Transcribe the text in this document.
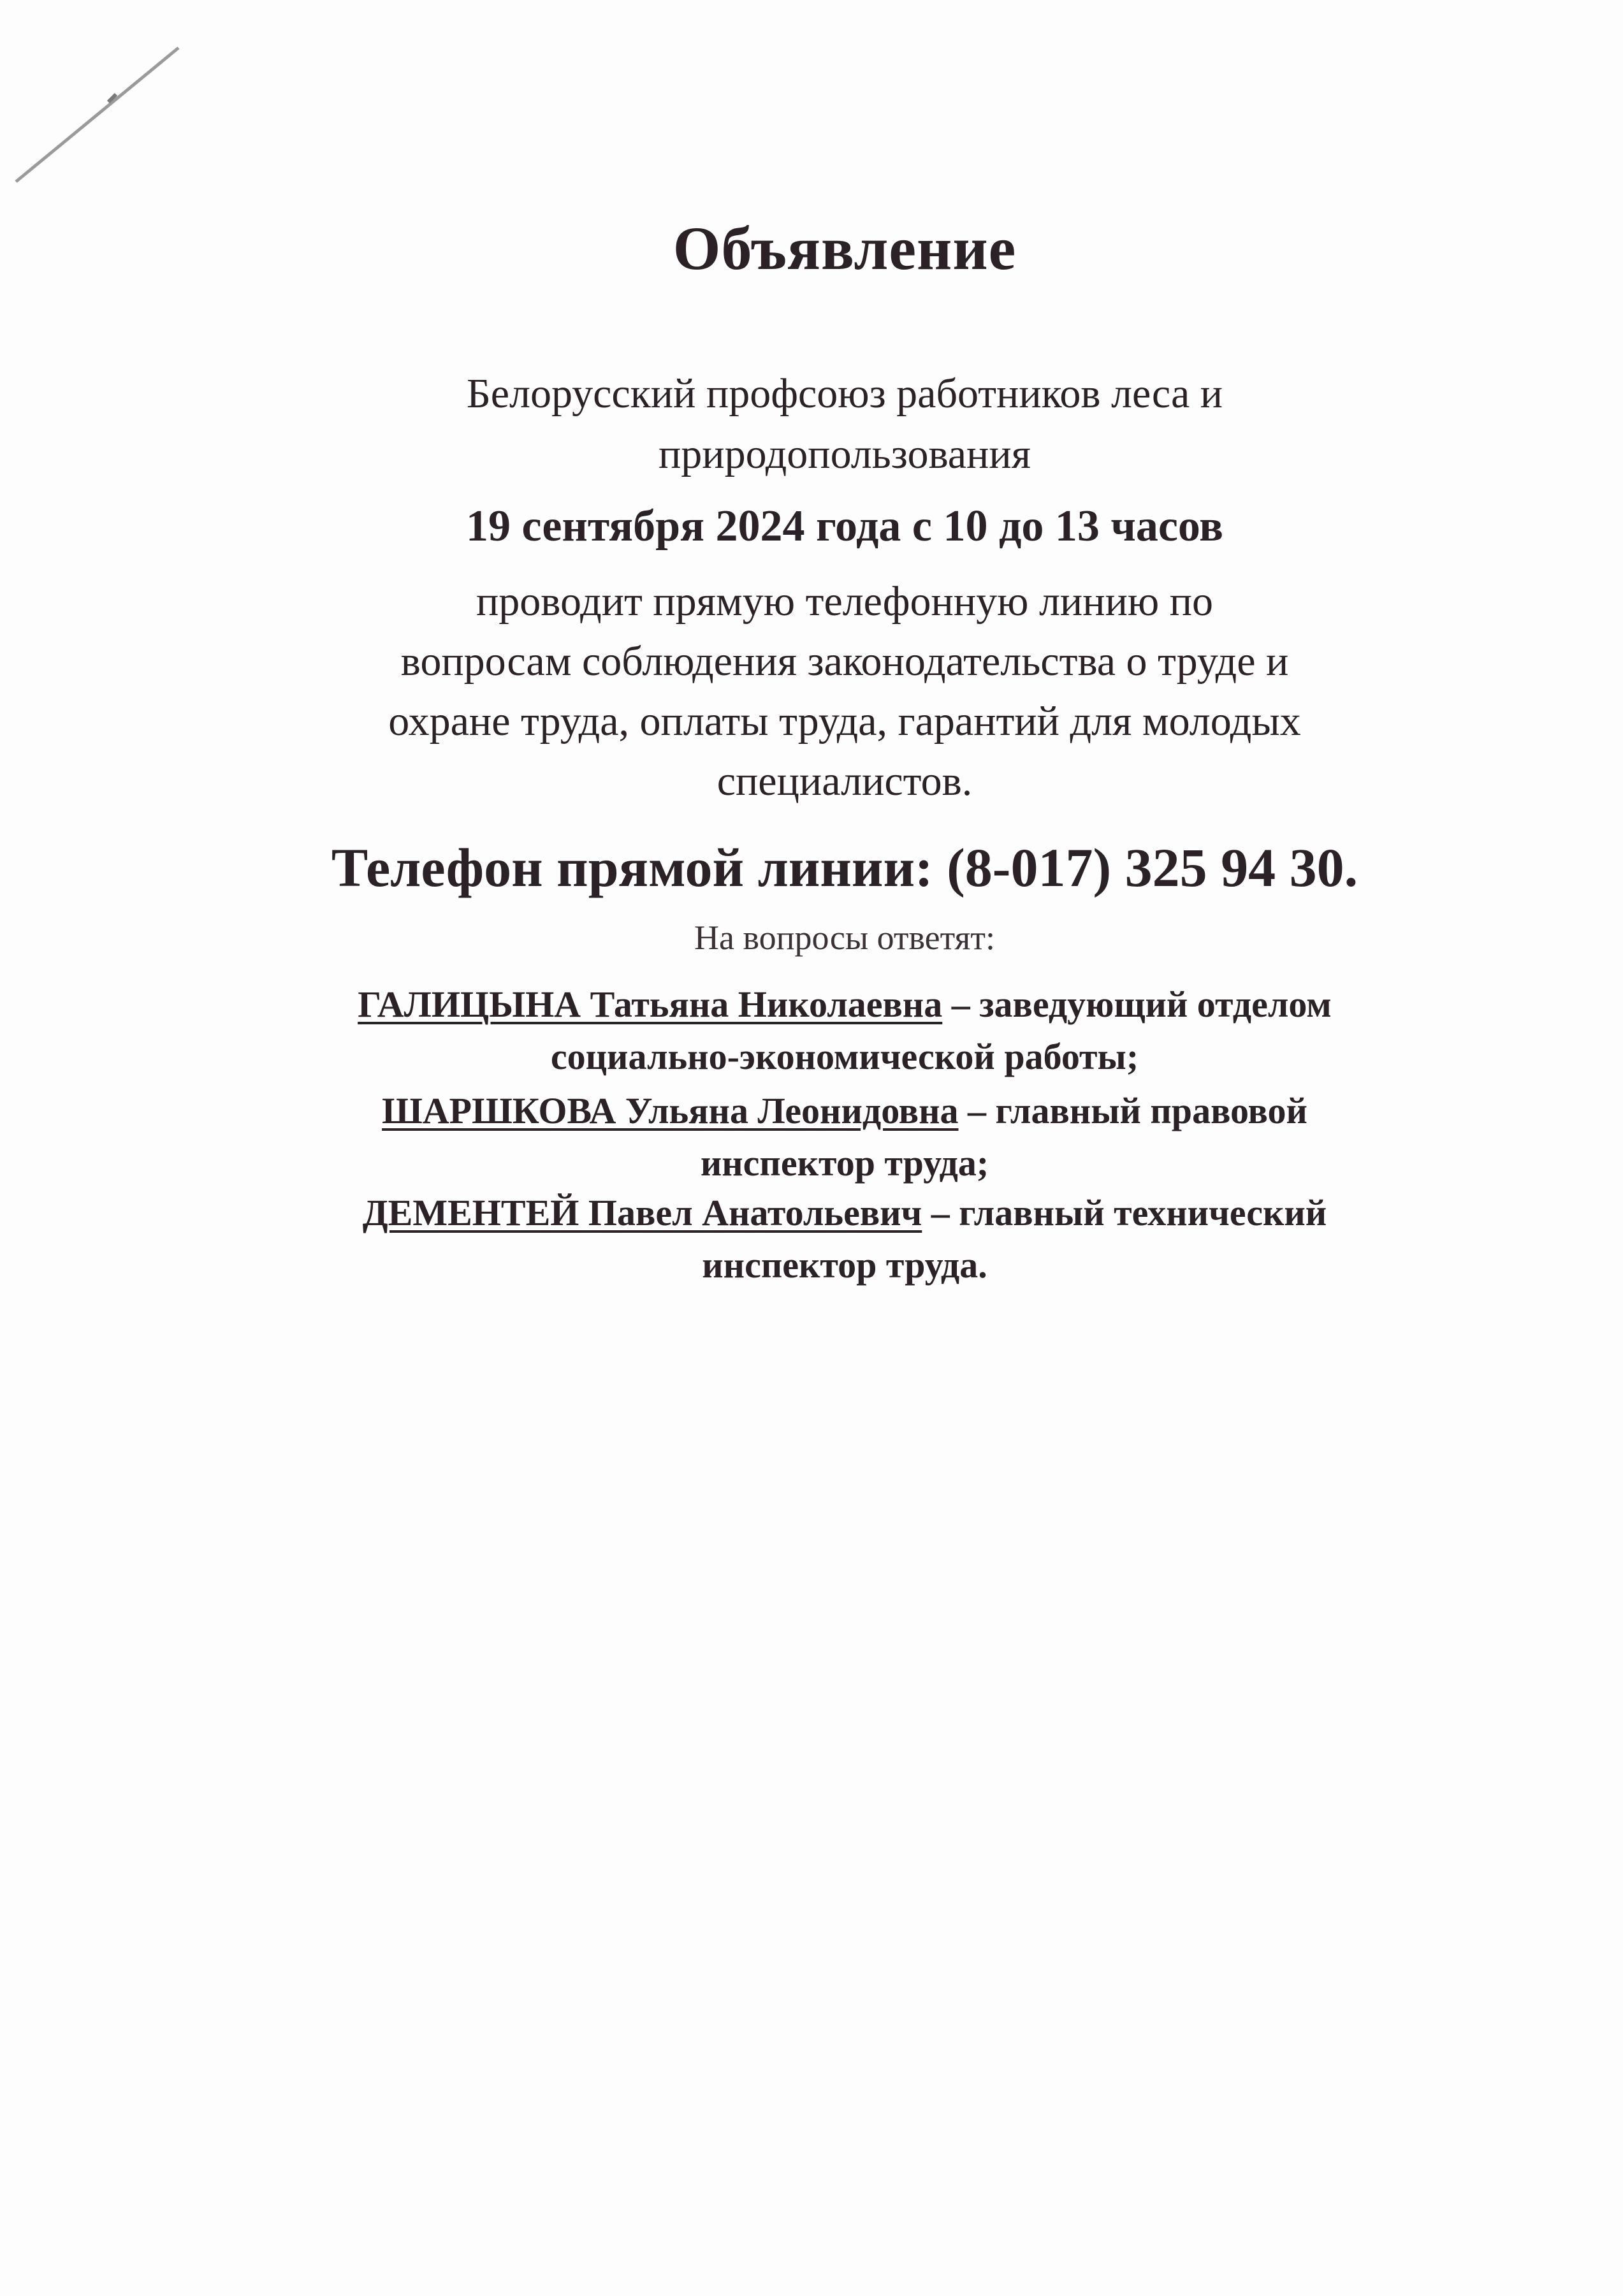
Объявление
Белорусский профсоюз работников леса и
природопользования
19 сентября 2024 года с 10 до 13 часов
проводит прямую телефонную линию по
вопросам соблюдения законодательства о труде и
охране труда, оплаты труда, гарантий для молодых
специалистов.
Телефон прямой линии: (8-017) 325 94 30.
На вопросы ответят:
ГАЛИЦЫНА Татьяна Николаевна – заведующий отделом
социально-экономической работы;
ШАРШКОВА Ульяна Леонидовна – главный правовой
инспектор труда;
ДЕМЕНТЕЙ Павел Анатольевич – главный технический
инспектор труда.
